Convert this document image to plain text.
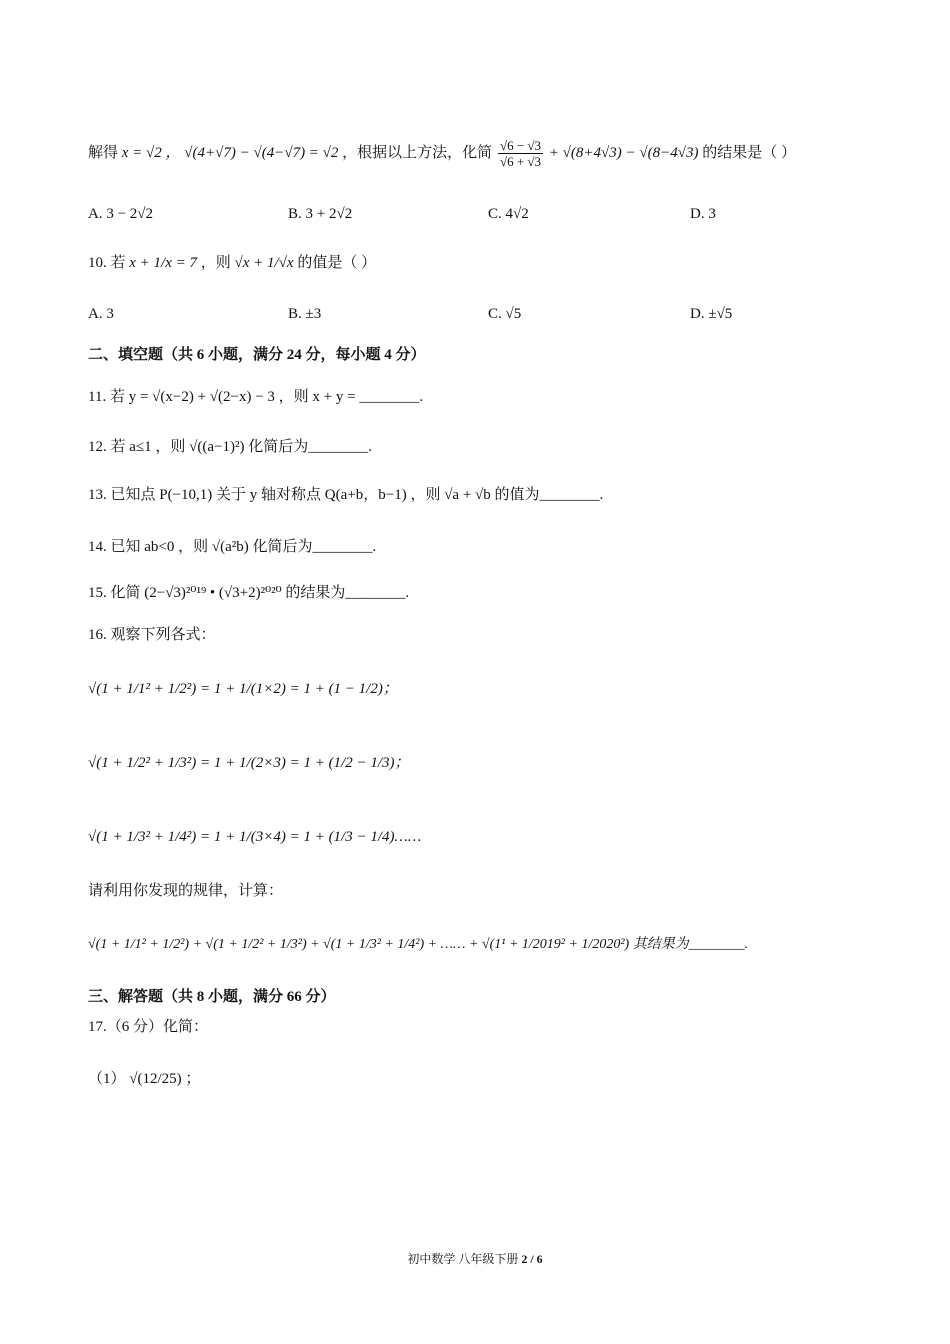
解得 x = √2 ， √(4+√7) − √(4−√7) = √2 ，根据以上方法，化简 $\frac{√6 - √3}{√6 + √3} + √(8+4√3) - √(8-4√3)$ 的结果是（ ）
A. 3 − 2√2	B. 3 + 2√2	C. 4√2	D. 3
10. 若 x + 1/x = 7 ，则 √x + 1/√x 的值是（ ）
A. 3	B. ±3	C. √5	D. ±√5
二、填空题（共 6 小题，满分 24 分，每小题 4 分）
11. 若 y = √(x−2) + √(2−x) − 3 ，则 x + y = ________.
12. 若 a≤1 ，则 √((a−1)²) 化简后为________.
13. 已知点 P(−10,1) 关于 y 轴对称点 Q(a+b，b−1) ，则 √a + √b 的值为________.
14. 已知 ab<0 ，则 √(a²b) 化简后为________.
15. 化简 (2−√3)²⁰¹⁹ • (√3+2)²⁰²⁰ 的结果为________.
16. 观察下列各式：
√(1 + 1/1² + 1/2²) = 1 + 1/(1×2) = 1 + (1 − 1/2)；
√(1 + 1/2² + 1/3²) = 1 + 1/(2×3) = 1 + (1/2 − 1/3)；
√(1 + 1/3² + 1/4²) = 1 + 1/(3×4) = 1 + (1/3 − 1/4)……
请利用你发现的规律，计算：
√(1 + 1/1² + 1/2²) + √(1 + 1/2² + 1/3²) + √(1 + 1/3² + 1/4²) + …… + √(1¹ + 1/2019² + 1/2020²) 其结果为________.
三、解答题（共 8 小题，满分 66 分）
17.（6 分）化简：
（1） √(12/25) ；
初中数学 八年级下册 2 / 6
